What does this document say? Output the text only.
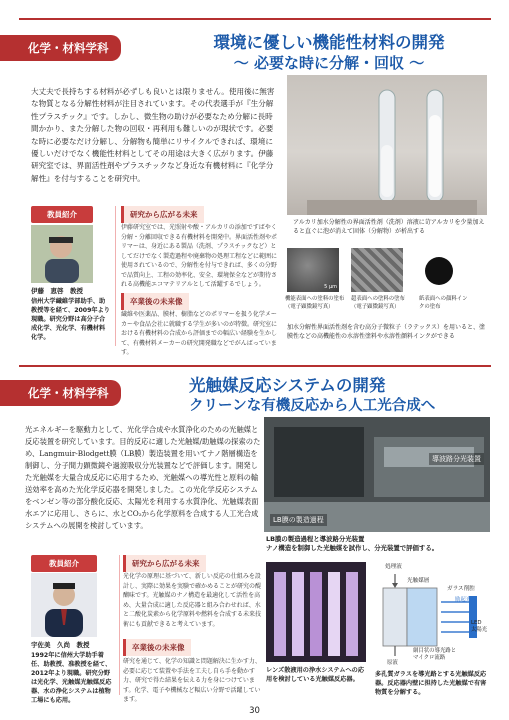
化学・材料学科	環境に優しい機能性材料の開発
～ 必要な時に分解・回収 ～
大丈夫で長持ちする材料が必ずしも良いとは限りません。使用後に無害な物質となる分解性材料が注目されています。その代表選手が『生分解性プラスチック』です。しかし、微生物の助けが必要なため分解に長時間かかり、また分解した物の回収・再利用も難しいのが現状です。必要な時に必要なだけ分解し、分解物も簡単にリサイクルできれば、環境に優しいだけでなく機能性材料としてその用途は大きく広がります。伊藤研究室では、界面活性剤やプラスチックなど身近な有機材料に『化学分解性』を付与することを研究中。
アルカリ加水分解性の界面活性剤（洗剤）溶液に苛アルカリを少量加えると直ぐに泡が消えて固体（分解物）が析出する
教員紹介
伊藤　恵啓　教授
信州大学繊維学部助手、助教授等を経て、2009年より現職。研究分野は高分子合成化学、光化学、有機材料化学。
研究から広がる未来
伊藤研究室では、光照射や酸・アルカリの添加ですばやく分解・分離回収できる有機材料を開発中。界面活性剤やポリマーは、身近にある製品（洗剤、プラスチックなど）としてだけでなく製造過程や廃棄物の処理工程などに範囲に使用されているので、分解性を付与できれば、多くの分野で品質向上、工程の効率化、安全、環境保全などが期待される高機能エコマテリアルとして活躍するでしょう。
卒業後の未来像
繊維や医薬品、膜材、樹脂などのポリマーを扱う化学メーカーや食品会社に就職する学生が多いのが特徴。研究室における有機材料の合成から評価までの幅広い経験を生かして、有機材料メーカーの研究開発職などでがんばっています。
5 μm
機能表面への塗料の塗布（電子顕微鏡写真）
超表面への塗料の塗布（電子顕微鏡写真）
紙表面への顔料インクの塗布
加水分解性界面活性剤を含む高分子微粒子（ラテックス）を用いると、塗膜性などの高機能性の水溶性塗料や水溶性顔料インクができる
化学・材料学科	光触媒反応システムの開発
クリーンな有機反応から人工光合成へ
光エネルギーを駆動力として、光化学合成や水質浄化のための光触媒と反応装置を研究しています。目的反応に適した光触媒/助触媒の探索のため、Langmuir-Blodgett膜（LB膜）製造装置を用いてナノ階層構造を制御し、分子間力顕微鏡や過渡吸収分光装置などで評価します。開発した光触媒を大量合成反応に応用するため、光触媒への導光性と原料の輸送効率を高めた光化学反応器を開発しました。この光化学反応システムをベンゼン等の部分酸化反応、太陽光を利用する水質浄化、光触媒表面水エアに応用し、さらに、水とCO₂から化学原料を合成する人工光合成システムへの展開を検討しています。
導波路分光装置
LB膜の製造過程
LB膜の製造過程と導波路分光装置
ナノ構造を制御した光触媒を試作し、分光装置で評価する。
教員紹介
宇佐美　久尚　教授
1992年に信州大学助手着任、助教授、准教授を経て、2012年より現職。研究分野は光化学、光触媒光触媒反応器、水の浄化システムは植物工場にも応用。
研究から広がる未来
光化学の原理に基づいて、新しい反応の仕組みを設計し、実際に効果を実験で確かめることが研究の醍醐味です。光触媒のナノ構造を最適化して活性を高め、大量合成に適した反応器と組み合わせれば、水と二酸化炭素から化学原料や燃料を合成する未来技術にも貢献できると考えています。
卒業後の未来像
研究を通じて、化学の知識と問題解決に生かす力、必要に応じて装置や手法を工夫し自ら手を動かす力、研究で得た結果を伝える力を身につけています。化学、電子や機械など幅広い分野で活躍しています。
レンズ散液用の浄水システムへの応用を検討している光触媒反応器。
処理液
光触媒層
ガラス削腔
励起光
LED
太陽光
網目状の導光路と
マイクロ流路
原液
多孔質ガラスを導光路とする光触媒反応器。反応器内壁に担持した光触媒で有害物質を分解する。
30
